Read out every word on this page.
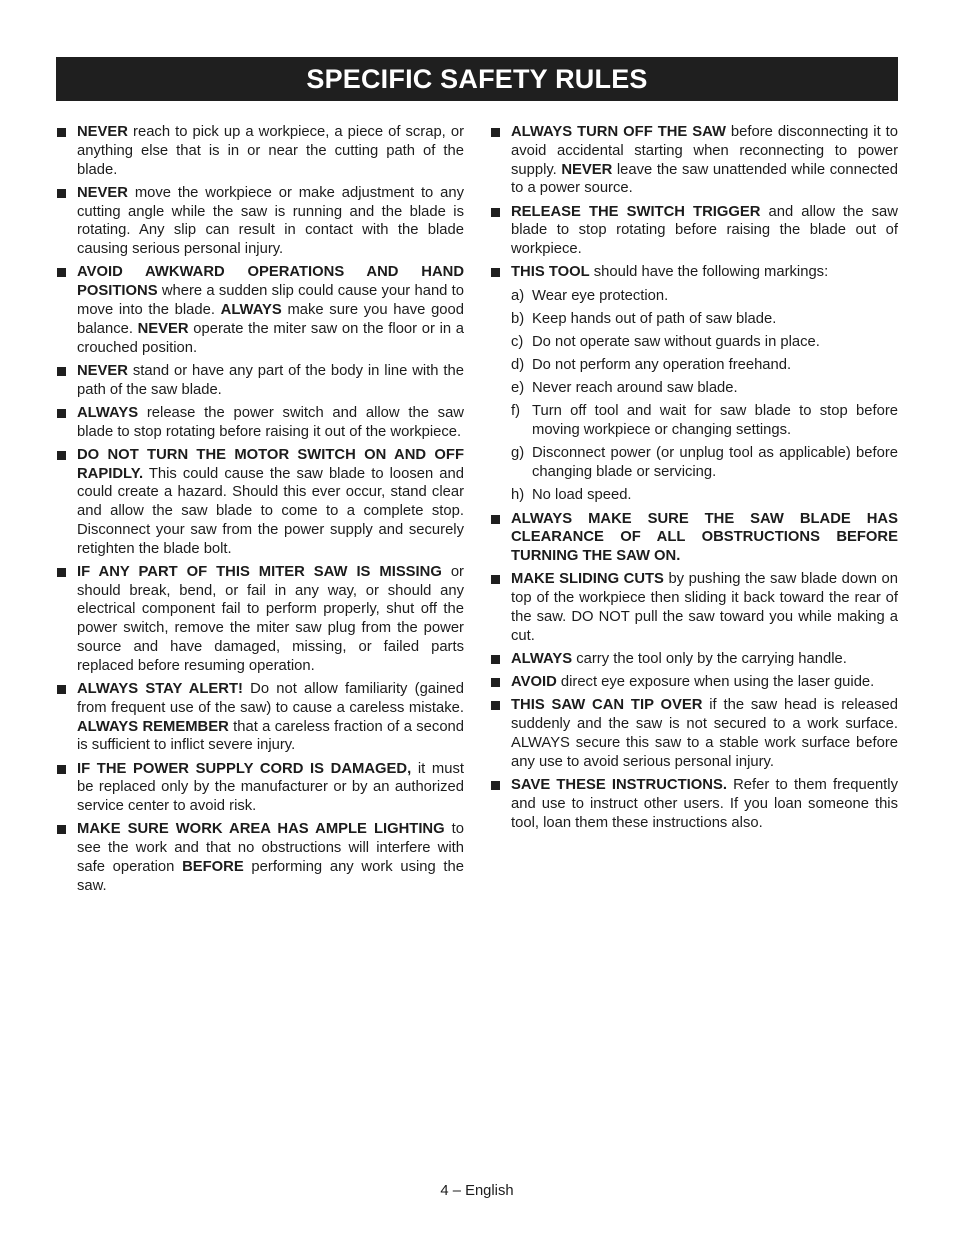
SPECIFIC SAFETY RULES
NEVER reach to pick up a workpiece, a piece of scrap, or anything else that is in or near the cutting path of the blade.
NEVER move the workpiece or make adjustment to any cutting angle while the saw is running and the blade is rotating. Any slip can result in contact with the blade causing serious personal injury.
AVOID AWKWARD OPERATIONS AND HAND POSITIONS where a sudden slip could cause your hand to move into the blade. ALWAYS make sure you have good balance. NEVER operate the miter saw on the floor or in a crouched position.
NEVER stand or have any part of the body in line with the path of the saw blade.
ALWAYS release the power switch and allow the saw blade to stop rotating before raising it out of the workpiece.
DO NOT TURN THE MOTOR SWITCH ON AND OFF RAPIDLY. This could cause the saw blade to loosen and could create a hazard. Should this ever occur, stand clear and allow the saw blade to come to a complete stop. Disconnect your saw from the power supply and securely retighten the blade bolt.
IF ANY PART OF THIS MITER SAW IS MISSING or should break, bend, or fail in any way, or should any electrical component fail to perform properly, shut off the power switch, remove the miter saw plug from the power source and have damaged, missing, or failed parts replaced before resuming operation.
ALWAYS STAY ALERT! Do not allow familiarity (gained from frequent use of the saw) to cause a careless mistake. ALWAYS REMEMBER that a careless fraction of a second is sufficient to inflict severe injury.
IF THE POWER SUPPLY CORD IS DAMAGED, it must be replaced only by the manufacturer or by an authorized service center to avoid risk.
MAKE SURE WORK AREA HAS AMPLE LIGHTING to see the work and that no obstructions will interfere with safe operation BEFORE performing any work using the saw.
ALWAYS TURN OFF THE SAW before disconnecting it to avoid accidental starting when reconnecting to power supply. NEVER leave the saw unattended while connected to a power source.
RELEASE THE SWITCH TRIGGER and allow the saw blade to stop rotating before raising the blade out of workpiece.
THIS TOOL should have the following markings:
a) Wear eye protection.
b) Keep hands out of path of saw blade.
c) Do not operate saw without guards in place.
d) Do not perform any operation freehand.
e) Never reach around saw blade.
f) Turn off tool and wait for saw blade to stop before moving workpiece or changing settings.
g) Disconnect power (or unplug tool as applicable) before changing blade or servicing.
h) No load speed.
ALWAYS MAKE SURE THE SAW BLADE HAS CLEARANCE OF ALL OBSTRUCTIONS BEFORE TURNING THE SAW ON.
MAKE SLIDING CUTS by pushing the saw blade down on top of the workpiece then sliding it back toward the rear of the saw. DO NOT pull the saw toward you while making a cut.
ALWAYS carry the tool only by the carrying handle.
AVOID direct eye exposure when using the laser guide.
THIS SAW CAN TIP OVER if the saw head is released suddenly and the saw is not secured to a work surface. ALWAYS secure this saw to a stable work surface before any use to avoid serious personal injury.
SAVE THESE INSTRUCTIONS. Refer to them frequently and use to instruct other users. If you loan someone this tool, loan them these instructions also.
4 – English
